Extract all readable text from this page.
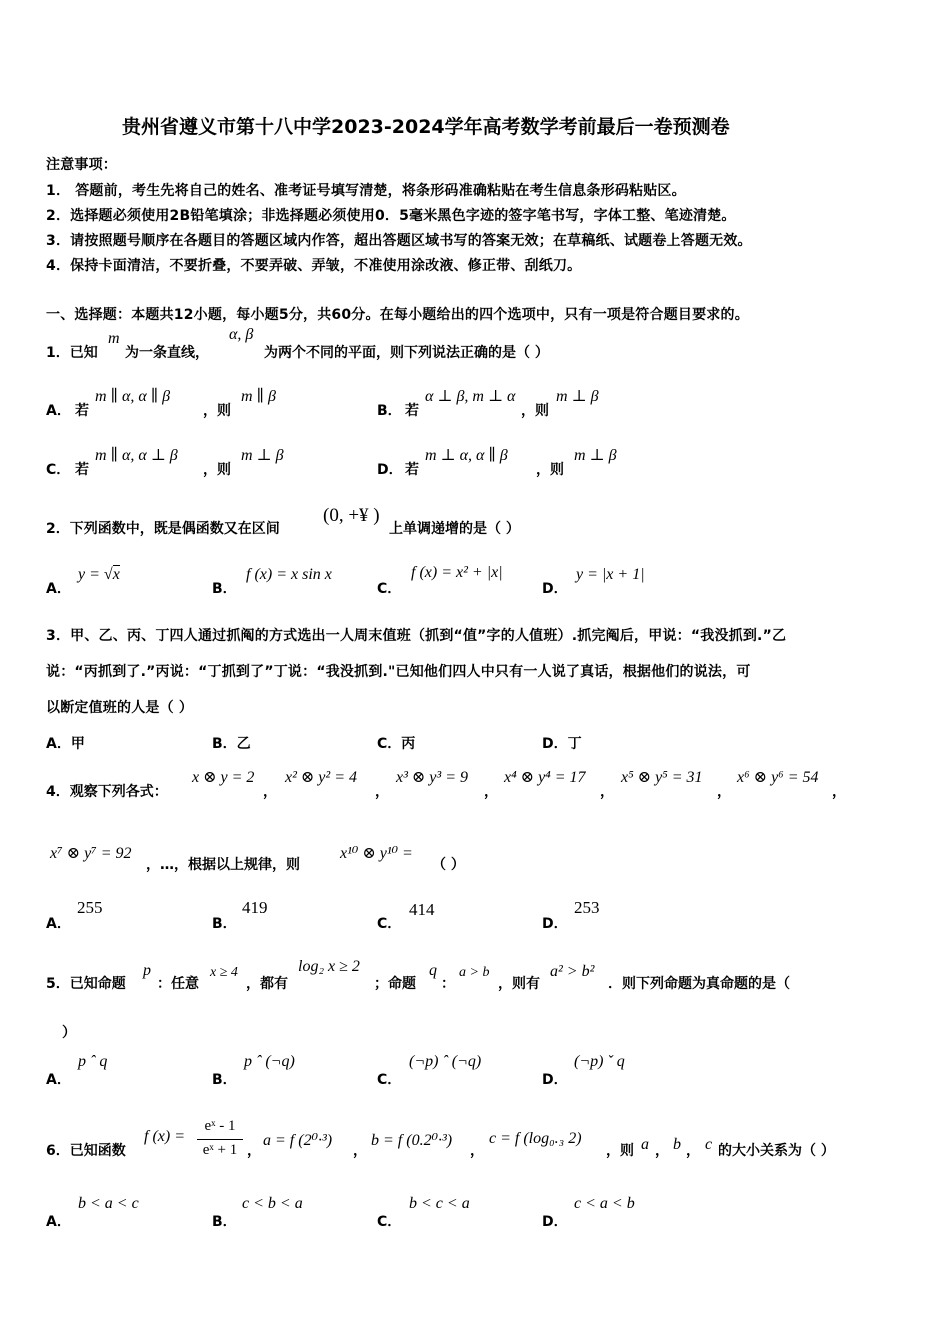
贵州省遵义市第十八中学2023-2024学年高考数学考前最后一卷预测卷
注意事项：
1． 答题前，考生先将自己的姓名、准考证号填写清楚，将条形码准确粘贴在考生信息条形码粘贴区。
2．选择题必须使用2B铅笔填涂；非选择题必须使用0．5毫米黑色字迹的签字笔书写，字体工整、笔迹清楚。
3．请按照题号顺序在各题目的答题区域内作答，超出答题区域书写的答案无效；在草稿纸、试题卷上答题无效。
4．保持卡面清洁，不要折叠，不要弄破、弄皱，不准使用涂改液、修正带、刮纸刀。
一、选择题：本题共12小题，每小题5分，共60分。在每小题给出的四个选项中，只有一项是符合题目要求的。
1．已知
m
为一条直线，
α, β
为两个不同的平面，则下列说法正确的是（ ）
A． 若
m ∥ α, α ∥ β
，则
m ∥ β
B． 若
α ⊥ β, m ⊥ α
，则
m ⊥ β
C． 若
m ∥ α, α ⊥ β
，则
m ⊥ β
D． 若
m ⊥ α, α ∥ β
，则
m ⊥ β
2．下列函数中，既是偶函数又在区间
(0, +¥ )
上单调递增的是（ ）
A．
y = √x
B．
f (x) = x sin x
C．
f (x) = x² + |x|
D．
y = |x + 1|
3．甲、乙、丙、丁四人通过抓阄的方式选出一人周末值班（抓到“值”字的人值班）.抓完阄后，甲说：“我没抓到.”乙
说：“丙抓到了.”丙说：“丁抓到了”丁说：“我没抓到."已知他们四人中只有一人说了真话，根据他们的说法，可
以断定值班的人是（ ）
A．甲	B．乙	C．丙	D．丁
4．观察下列各式：
x ⊗ y = 2
，
x² ⊗ y² = 4
，
x³ ⊗ y³ = 9
，
x⁴ ⊗ y⁴ = 17
，
x⁵ ⊗ y⁵ = 31
，
x⁶ ⊗ y⁶ = 54
，
x⁷ ⊗ y⁷ = 92
，…，根据以上规律，则
x¹⁰ ⊗ y¹⁰ =
（ ）
A．
255
B．
419
C．
414
D．
253
5．已知命题
p
：任意
x ≥ 4
，都有
log₂ x ≥ 2
；命题
q
：
a > b
，则有
a² > b²
．则下列命题为真命题的是（
）
A．
p ˆ q
B．
p ˆ (¬q)
C．
(¬p) ˆ (¬q)
D．
(¬p) ˇ q
6．已知函数
f (x) =
eˣ - 1
eˣ + 1 ，
a = f (2⁰·³)
，
b = f (0.2⁰·³)
，
c = f (log₀.₃ 2)
，则 a ， b ， c 的大小关系为（ ）
A．
b < a < c
B．
c < b < a
C．
b < c < a
D．
c < a < b
